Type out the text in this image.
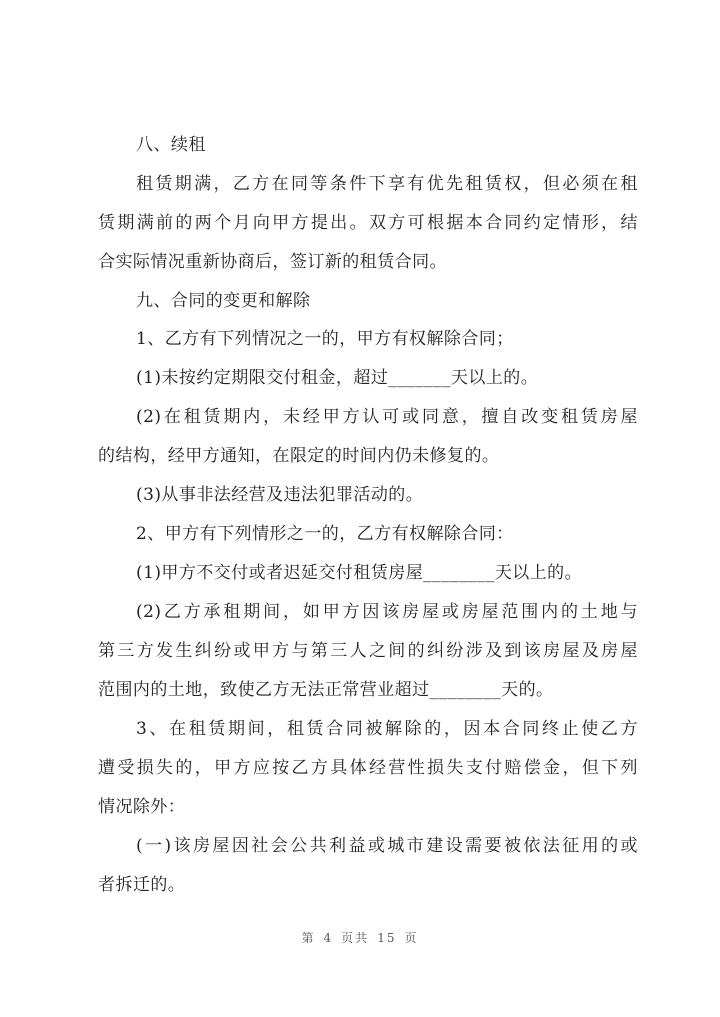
八、续租
租赁期满，乙方在同等条件下享有优先租赁权，但必须在租
赁期满前的两个月向甲方提出。双方可根据本合同约定情形，结
合实际情况重新协商后，签订新的租赁合同。
九、合同的变更和解除
1、乙方有下列情况之一的，甲方有权解除合同；
(1)未按约定期限交付租金，超过_______天以上的。
(2)在租赁期内，未经甲方认可或同意，擅自改变租赁房屋
的结构，经甲方通知，在限定的时间内仍未修复的。
(3)从事非法经营及违法犯罪活动的。
2、甲方有下列情形之一的，乙方有权解除合同：
(1)甲方不交付或者迟延交付租赁房屋________天以上的。
(2)乙方承租期间，如甲方因该房屋或房屋范围内的土地与
第三方发生纠纷或甲方与第三人之间的纠纷涉及到该房屋及房屋
范围内的土地，致使乙方无法正常营业超过________天的。
3、在租赁期间，租赁合同被解除的，因本合同终止使乙方
遭受损失的，甲方应按乙方具体经营性损失支付赔偿金，但下列
情况除外：
(一)该房屋因社会公共利益或城市建设需要被依法征用的或
者拆迁的。
第 4 页共 15 页
